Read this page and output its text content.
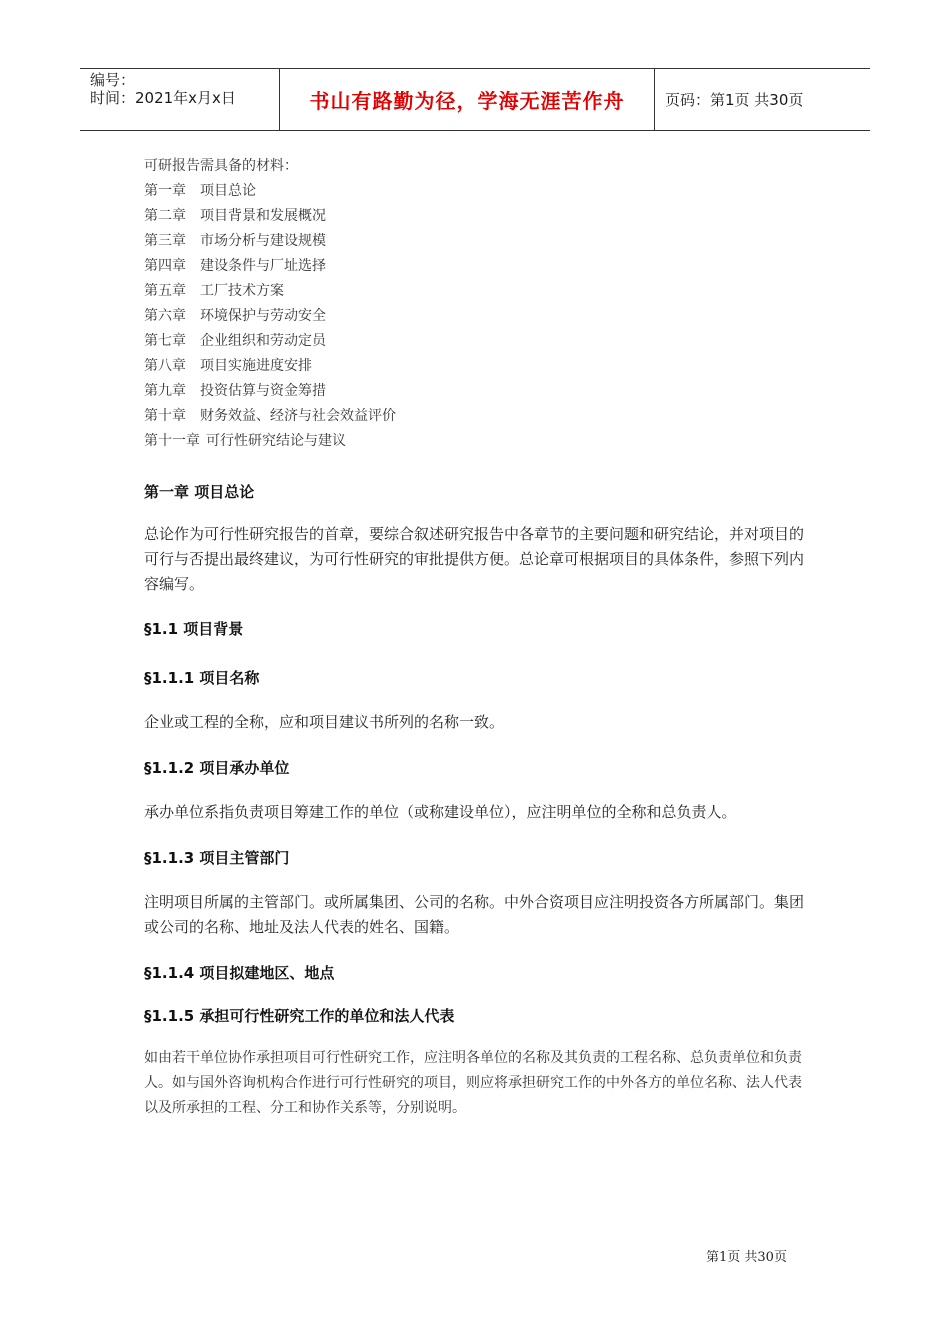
编号：
时间：2021年x月x日	书山有路勤为径，学海无涯苦作舟	页码：第1页 共30页
可研报告需具备的材料：
第一章 项目总论
第二章 项目背景和发展概况
第三章 市场分析与建设规模
第四章 建设条件与厂址选择
第五章 工厂技术方案
第六章 环境保护与劳动安全
第七章 企业组织和劳动定员
第八章 项目实施进度安排
第九章 投资估算与资金筹措
第十章 财务效益、经济与社会效益评价
第十一章 可行性研究结论与建议
第一章 项目总论
总论作为可行性研究报告的首章，要综合叙述研究报告中各章节的主要问题和研究结论，并对项目的可行与否提出最终建议，为可行性研究的审批提供方便。总论章可根据项目的具体条件，参照下列内容编写。
§1.1 项目背景
§1.1.1 项目名称
企业或工程的全称，应和项目建议书所列的名称一致。
§1.1.2 项目承办单位
承办单位系指负责项目筹建工作的单位（或称建设单位），应注明单位的全称和总负责人。
§1.1.3 项目主管部门
注明项目所属的主管部门。或所属集团、公司的名称。中外合资项目应注明投资各方所属部门。集团或公司的名称、地址及法人代表的姓名、国籍。
§1.1.4 项目拟建地区、地点
§1.1.5 承担可行性研究工作的单位和法人代表
如由若干单位协作承担项目可行性研究工作，应注明各单位的名称及其负责的工程名称、总负责单位和负责人。如与国外咨询机构合作进行可行性研究的项目，则应将承担研究工作的中外各方的单位名称、法人代表以及所承担的工程、分工和协作关系等，分别说明。
第1页 共30页
